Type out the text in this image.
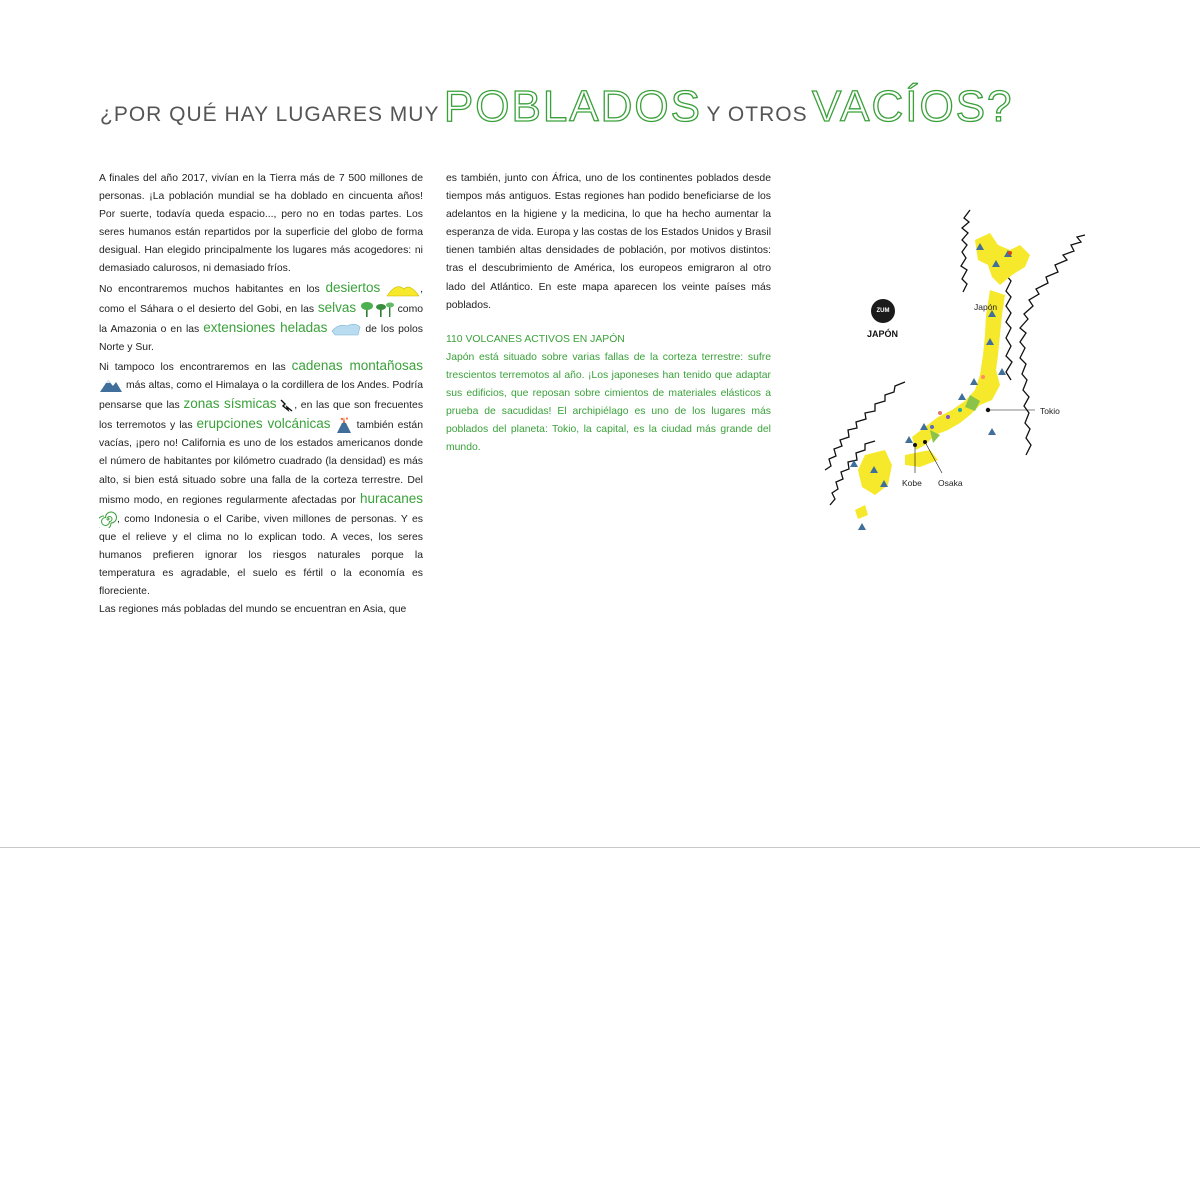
¿POR QUÉ HAY LUGARES MUY POBLADOS Y OTROS VACÍOS?

A finales del año 2017, vivían en la Tierra más de 7 500 millones de personas. ¡La población mundial se ha doblado en cincuenta años! Por suerte, todavía queda espacio..., pero no en todas partes. Los seres humanos están repartidos por la superficie del globo de forma desigual. Han elegido principalmente los lugares más acogedores: ni demasiado calurosos, ni demasiado fríos.

No encontraremos muchos habitantes en los desiertos	, como el Sáhara o el desierto del Gobi, en las selvas	como la Amazonia o en las extensiones heladas	de los polos Norte y Sur.

Ni tampoco los encontraremos en las cadenas montañosas  más altas, como el Himalaya o la cordillera de los Andes. Podría pensarse que las zonas sísmicas , en las que son frecuentes los terremotos y las erupciones volcánicas  también están vacías, ¡pero no! California es uno de los estados americanos donde el número de habitantes por kilómetro cuadrado (la densidad) es más alto, si bien está situado sobre una falla de la corteza terrestre. Del mismo modo, en regiones regularmente afectadas por huracanes , como Indonesia o el Caribe, viven millones de personas. Y es que el relieve y el clima no lo explican todo. A veces, los seres humanos prefieren ignorar los riesgos naturales porque la temperatura es agradable, el suelo es fértil o la economía es floreciente.

Las regiones más pobladas del mundo se encuentran en Asia, que

es también, junto con África, uno de los continentes poblados desde tiempos más antiguos. Estas regiones han podido beneficiarse de los adelantos en la higiene y la medicina, lo que ha hecho aumentar la esperanza de vida. Europa y las costas de los Estados Unidos y Brasil tienen también altas densidades de población, por motivos distintos: tras el descubrimiento de América, los europeos emigraron al otro lado del Atlántico. En este mapa aparecen los veinte países más poblados.

110 VOLCANES ACTIVOS EN JAPÓN

Japón está situado sobre varias fallas de la corteza terrestre: sufre trescientos terremotos al año. ¡Los japoneses han tenido que adaptar sus edificios, que reposan sobre cimientos de materiales elásticos a prueba de sacudidas! El archipiélago es uno de los lugares más poblados del planeta: Tokio, la capital, es la ciudad más grande del mundo.

ZUM
JAPÓN
Japón
Tokio
Kobe Osaka
